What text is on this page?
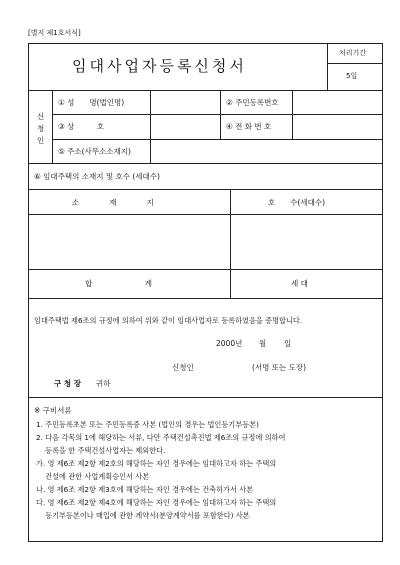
[별지 제1호서식]
임대사업자등록신청서
처리기간
5일
신
청
인
① 성　　명(법인명)	② 주민등록번호
③ 상　　　호	④ 전 화 번 호
⑤ 주소(사무소소재지)
⑥ 임대주택의 소재지 및 호수 (세대수)
소　　　　재　　　　지	호　　수(세대수)
합　　　　　　　계	세 대
임대주택법 제6조의 규정에 의하여 위와 같이 임대사업자로 등록하였음을 증명합니다.
2000년 월 일
신청인	(서명 또는 도장)
구 청 장 귀하
※ 구비서류
1. 주민등록초본 또는 주민등록증 사본 (법인의 경우는 법인등기부등본)
2. 다음 각목의 1에 해당하는 서류, 다만 주택건설촉진법 제6조의 규정에 의하여
등록을 한 주택건설사업자는 제외한다.
가. 영 제6조 제2항 제2호의 해당하는 자인 경우에는 임대하고자 하는 주택의
건설에 관한 사업계획승인서 사본
나. 영 제6조 제2항 제3호에 해당하는 자인 경우에는 건축허가서 사본
다. 영 제6조 제2항 제4호에 해당하는 자인 경우에는 임대하고자 하는 주택의
등기부등본이나 매입에 관한 계약서(분양계약서를 포함한다) 사본
